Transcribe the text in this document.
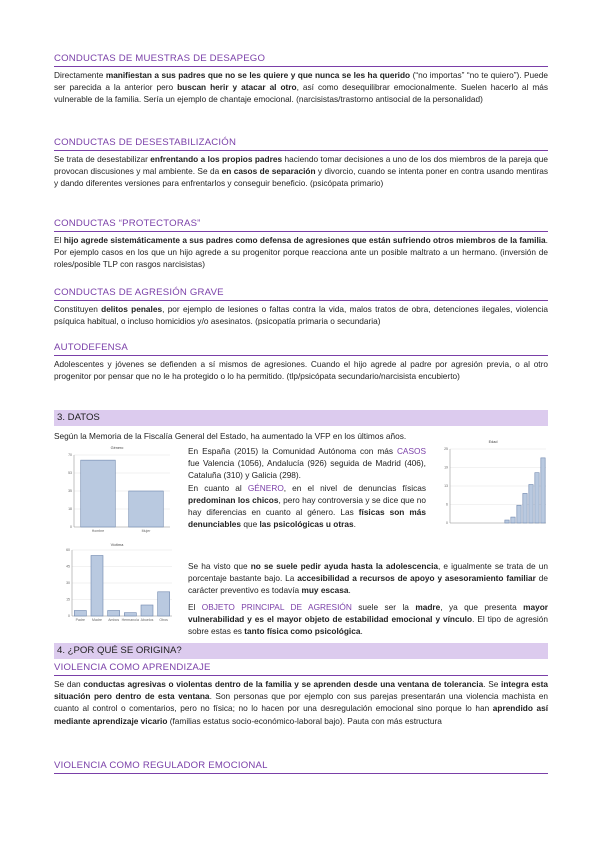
CONDUCTAS DE MUESTRAS DE DESAPEGO
Directamente manifiestan a sus padres que no se les quiere y que nunca se les ha querido (“no importas” “no te quiero”). Puede ser parecida a la anterior pero buscan herir y atacar al otro, así como desequilibrar emocionalmente. Suelen hacerlo al más vulnerable de la familia. Sería un ejemplo de chantaje emocional. (narcisistas/trastorno antisocial de la personalidad)
CONDUCTAS DE DESESTABILIZACIÓN
Se trata de desestabilizar enfrentando a los propios padres haciendo tomar decisiones a uno de los dos miembros de la pareja que provocan discusiones y mal ambiente. Se da en casos de separación y divorcio, cuando se intenta poner en contra usando mentiras y dando diferentes versiones para enfrentarlos y conseguir beneficio. (psicópata primario)
CONDUCTAS “PROTECTORAS”
El hijo agrede sistemáticamente a sus padres como defensa de agresiones que están sufriendo otros miembros de la familia. Por ejemplo casos en los que un hijo agrede a su progenitor porque reacciona ante un posible maltrato a un hermano. (inversión de roles/posible TLP con rasgos narcisistas)
CONDUCTAS DE AGRESIÓN GRAVE
Constituyen delitos penales, por ejemplo de lesiones o faltas contra la vida, malos tratos de obra, detenciones ilegales, violencia psíquica habitual, o incluso homicidios y/o asesinatos. (psicopatía primaria o secundaria)
AUTODEFENSA
Adolescentes y jóvenes se defienden a sí mismos de agresiones. Cuando el hijo agrede al padre por agresión previa, o al otro progenitor por pensar que no le ha protegido o lo ha permitido. (tlp/psicópata secundario/narcisista encubierto)
3. DATOS
Según la Memoria de la Fiscalía General del Estado, ha aumentado la VFP en los últimos años.
Género
0
18
35
53
70
Hombre	Mujer
Edad
0
6
13
19
25
Víctima
0
15
30
45
60
Padre Madre Ambos Hermano/a Abuelos Otros
En España (2015) la Comunidad Autónoma con más CASOS fue Valencia (1056), Andalucía (926) seguida de Madrid (406), Cataluña (310) y Galicia (298).
En cuanto al GÉNERO, en el nivel de denuncias físicas predominan los chicos, pero hay controversia y se dice que no hay diferencias en cuanto al género. Las físicas son más denunciables que las psicológicas u otras.
Se ha visto que no se suele pedir ayuda hasta la adolescencia, e igualmente se trata de un porcentaje bastante bajo. La accesibilidad a recursos de apoyo y asesoramiento familiar de carácter preventivo es todavía muy escasa.
El OBJETO PRINCIPAL DE AGRESIÓN suele ser la madre, ya que presenta mayor vulnerabilidad y es el mayor objeto de estabilidad emocional y vínculo. El tipo de agresión sobre estas es tanto física como psicológica.
4. ¿POR QUÉ SE ORIGINA?
VIOLENCIA COMO APRENDIZAJE
Se dan conductas agresivas o violentas dentro de la familia y se aprenden desde una ventana de tolerancia. Se integra esta situación pero dentro de esta ventana. Son personas que por ejemplo con sus parejas presentarán una violencia machista en cuanto al control o comentarios, pero no física; no lo hacen por una desregulación emocional sino porque lo han aprendido así mediante aprendizaje vicario (familias estatus socio-económico-laboral bajo). Pauta con más estructura
VIOLENCIA COMO REGULADOR EMOCIONAL
